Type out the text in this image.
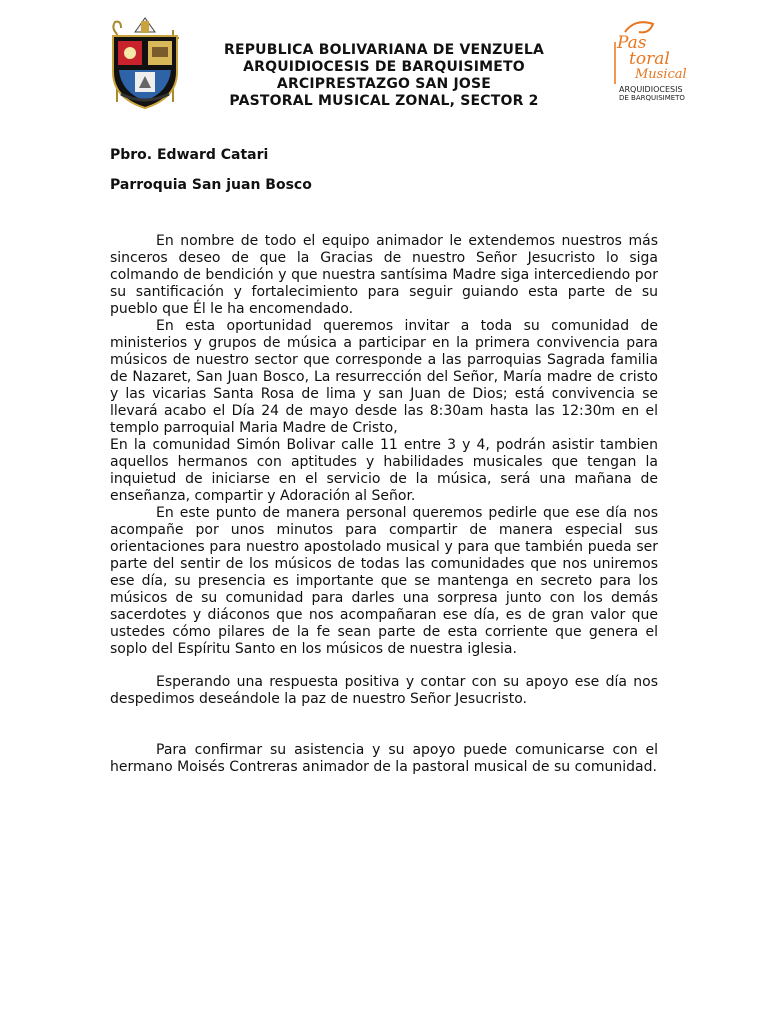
REPUBLICA BOLIVARIANA DE VENZUELA
ARQUIDIOCESIS DE BARQUISIMETO
ARCIPRESTAZGO SAN JOSE
PASTORAL MUSICAL ZONAL, SECTOR 2
Pas
toral
Musical
ARQUIDIOCESIS
DE BARQUISIMETO
Pbro. Edward Catari
Parroquia San juan Bosco

En nombre de todo el equipo animador le extendemos nuestros más sinceros deseo de que la Gracias de nuestro Señor Jesucristo lo siga colmando de bendición y que nuestra santísima Madre siga intercediendo por su santificación y fortalecimiento para seguir guiando esta parte de su pueblo que Él le ha encomendado.

En esta oportunidad queremos invitar a toda su comunidad de ministerios y grupos de música a participar en la primera convivencia para músicos de nuestro sector que corresponde a las parroquias Sagrada familia de Nazaret, San Juan Bosco, La resurrección del Señor, María madre de cristo y las vicarias Santa Rosa de lima y san Juan de Dios; está convivencia se llevará acabo el Día 24 de mayo desde las 8:30am hasta las 12:30m en el templo parroquial Maria Madre de Cristo,

En la comunidad Simón Bolivar calle 11 entre 3 y 4, podrán asistir tambien aquellos hermanos con aptitudes y habilidades musicales que tengan la inquietud de iniciarse en el servicio de la música, será una mañana de enseñanza, compartir y Adoración al Señor.

En este punto de manera personal queremos pedirle que ese día nos acompañe por unos minutos para compartir de manera especial sus orientaciones para nuestro apostolado musical y para que también pueda ser parte del sentir de los músicos de todas las comunidades que nos uniremos ese día, su presencia es importante que se mantenga en secreto para los músicos de su comunidad para darles una sorpresa junto con los demás sacerdotes y diáconos que nos acompañaran ese día, es de gran valor que ustedes cómo pilares de la fe sean parte de esta corriente que genera el soplo del Espíritu Santo en los músicos de nuestra iglesia.

Esperando una respuesta positiva y contar con su apoyo ese día nos despedimos deseándole la paz de nuestro Señor Jesucristo.

Para confirmar su asistencia y su apoyo puede comunicarse con el hermano Moisés Contreras animador de la pastoral musical de su comunidad.
